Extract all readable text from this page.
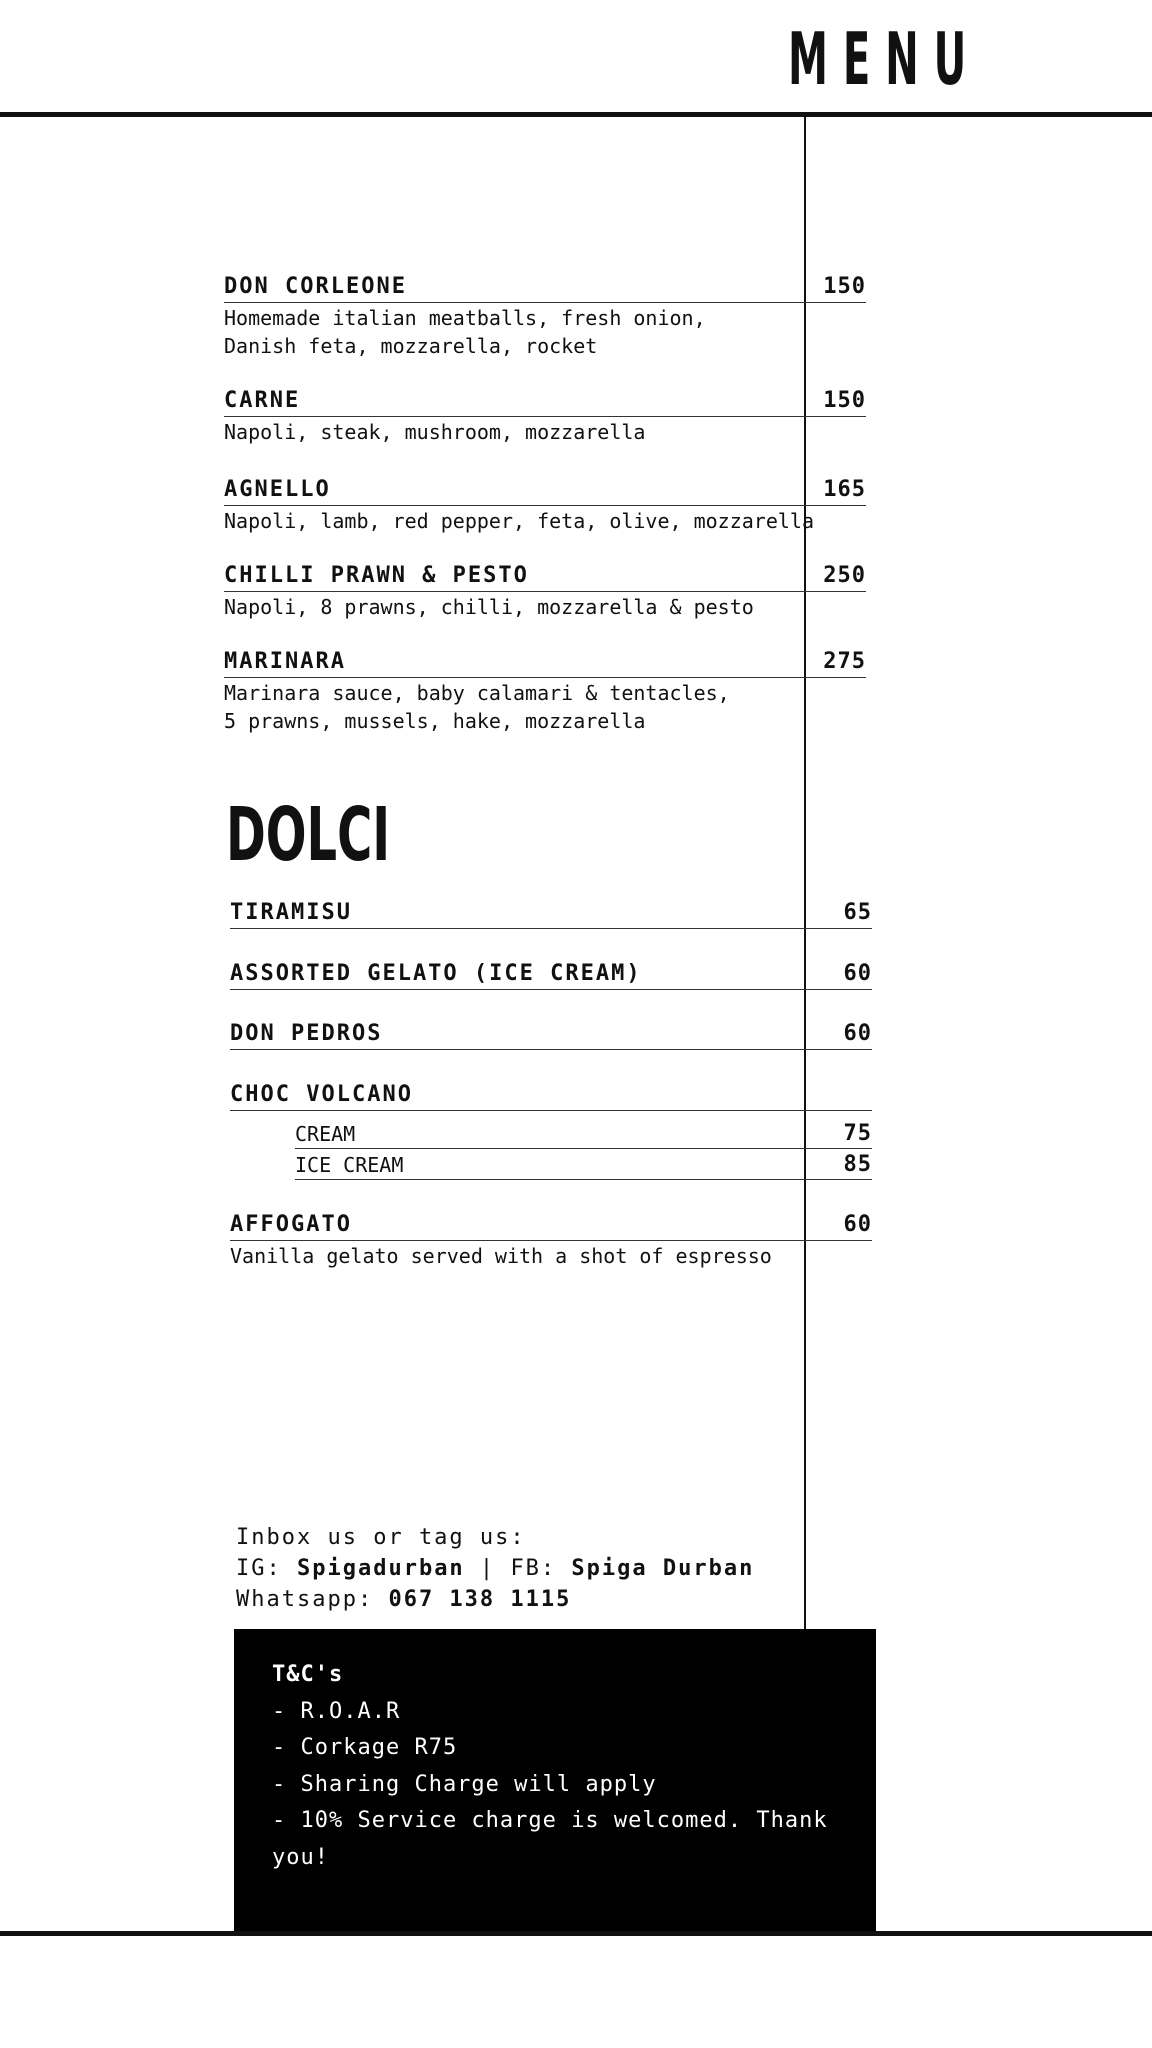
MENU
DON CORLEONE	150
Homemade italian meatballs, fresh onion,
Danish feta, mozzarella, rocket
CARNE	150
Napoli, steak, mushroom, mozzarella
AGNELLO	165
Napoli, lamb, red pepper, feta, olive, mozzarella
CHILLI PRAWN & PESTO	250
Napoli, 8 prawns, chilli, mozzarella & pesto
MARINARA	275
Marinara sauce, baby calamari & tentacles,
5 prawns, mussels, hake, mozzarella
DOLCI
TIRAMISU	65
ASSORTED GELATO (ICE CREAM)	60
DON PEDROS	60
CHOC VOLCANO
CREAM	75
ICE CREAM	85
AFFOGATO	60
Vanilla gelato served with a shot of espresso
Inbox us or tag us:
IG: Spigadurban | FB: Spiga Durban
Whatsapp: 067 138 1115
T&C's
- R.O.A.R
- Corkage R75
- Sharing Charge will apply
- 10% Service charge is welcomed. Thank you!
